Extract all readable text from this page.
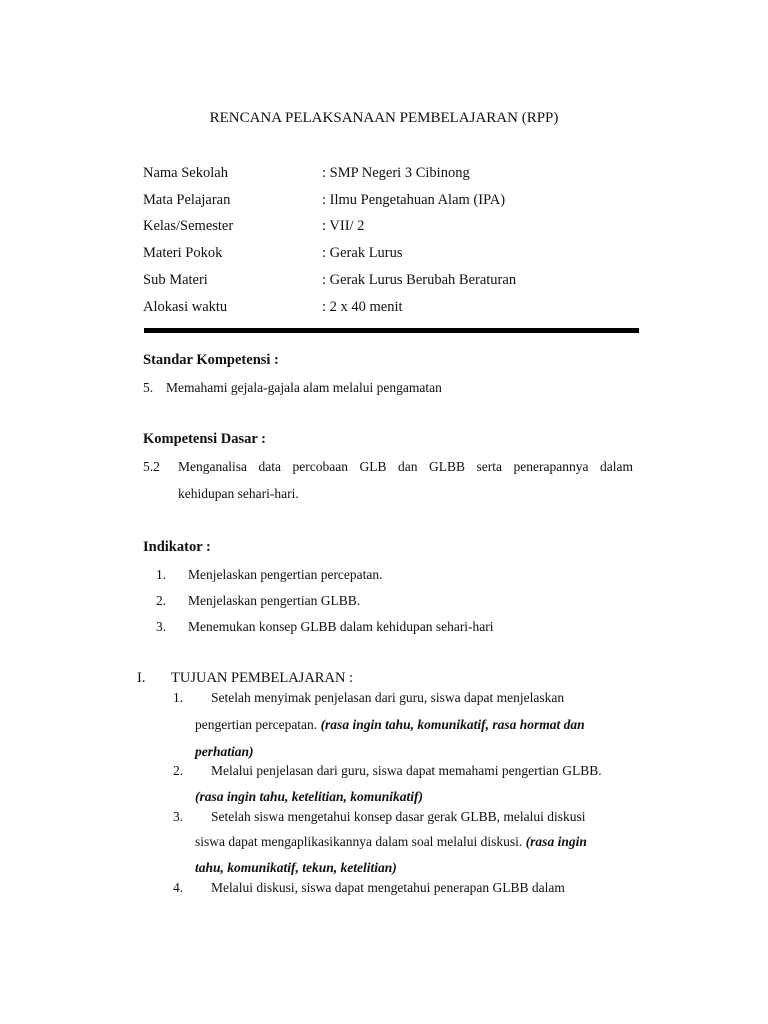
RENCANA PELAKSANAAN PEMBELAJARAN (RPP)
Nama Sekolah	: SMP Negeri 3 Cibinong
Mata Pelajaran	: Ilmu Pengetahuan Alam (IPA)
Kelas/Semester	: VII/ 2
Materi Pokok	: Gerak Lurus
Sub Materi	: Gerak Lurus Berubah Beraturan
Alokasi waktu	: 2 x 40 menit
Standar Kompetensi :
5. Memahami gejala-gajala alam melalui pengamatan
Kompetensi Dasar :
5.2 Menganalisa data percobaan GLB dan GLBB serta penerapannya dalam
kehidupan sehari-hari.
Indikator :
1. Menjelaskan pengertian percepatan.
2. Menjelaskan pengertian GLBB.
3. Menemukan konsep GLBB dalam kehidupan sehari-hari
I. TUJUAN PEMBELAJARAN :
1. Setelah menyimak penjelasan dari guru, siswa dapat menjelaskan
pengertian percepatan. (rasa ingin tahu, komunikatif, rasa hormat dan
perhatian)
2. Melalui penjelasan dari guru, siswa dapat memahami pengertian GLBB.
(rasa ingin tahu, ketelitian, komunikatif)
3. Setelah siswa mengetahui konsep dasar gerak GLBB, melalui diskusi
siswa dapat mengaplikasikannya dalam soal melalui diskusi. (rasa ingin
tahu, komunikatif, tekun, ketelitian)
4. Melalui diskusi, siswa dapat mengetahui penerapan GLBB dalam
